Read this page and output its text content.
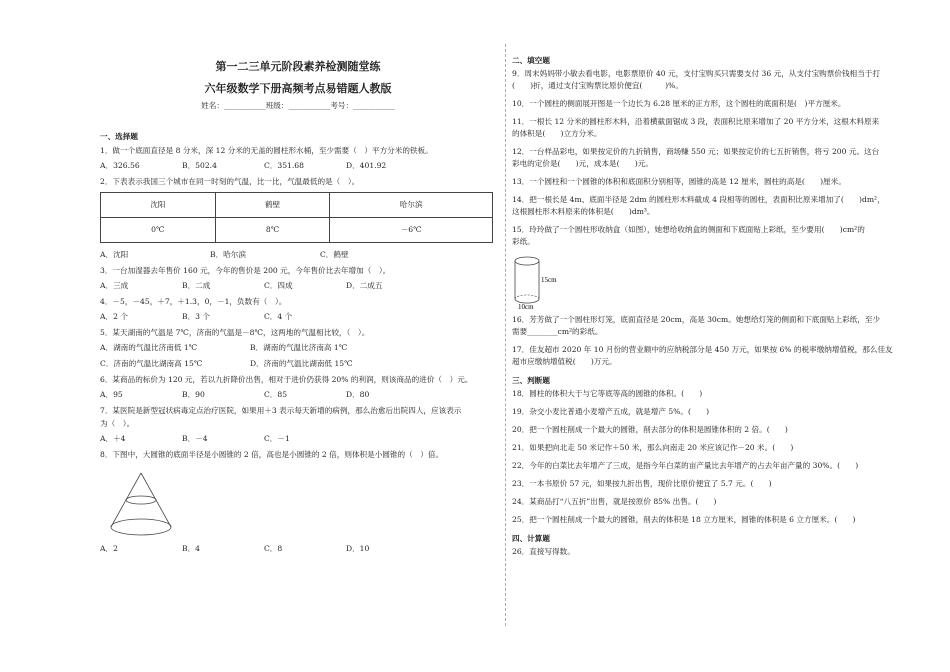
第一二三单元阶段素养检测随堂练
六年级数学下册高频考点易错题人教版
姓名：___________班级：___________考号：___________
一、选择题
1．做一个底面直径是 8 分米，深 12 分米的无盖的圆柱形水桶，至少需要（　）平方分米的铁板。
A．326.56	B．502.4	C．351.68	D．401.92
2．下表表示我国三个城市在同一时刻的气温，比一比，气温最低的是（　）。
沈阳	鹤壁	哈尔滨
0℃	8℃	－6℃
A．沈阳	B．哈尔滨	C．鹤壁
3．一台加湿器去年售价 160 元，今年的售价是 200 元，今年售价比去年增加（　）。
A．三成	B．二成	C．四成	D．二成五
4．－5，－45，＋7，＋1.3，0，－1，负数有（　）。
A．2 个	B．3 个	C．4 个
5．某天湖南的气温是 7℃，济南的气温是－8℃，这两地的气温相比较，（　）。
A．湖南的气温比济南低 1℃	B．湖南的气温比济南高 1℃
C．济南的气温比湖南高 15℃	D．济南的气温比湖南低 15℃
6．某商品的标价为 120 元，若以九折降价出售，相对于进价仍获得 20% 的利润，则该商品的进价（　）元。
A．95	B．90	C．85	D．80
7．某医院是新型冠状病毒定点治疗医院，如果用＋3 表示每天新增的病例，那么治愈后出院四人，应该表示
为（　）。
A．＋4	B．－4	C．－1
8．下图中，大圆锥的底面半径是小圆锥的 2 倍，高也是小圆锥的 2 倍，则体积是小圆锥的（　）倍。
A．2	B．4	C．8	D．10
二、填空题
9．周末妈妈带小敏去看电影，电影票原价 40 元，支付宝购买只需要支付 36 元，从支付宝购票价钱相当于打
(　　)折，通过支付宝购票比原价便宜(　　　)%。
10．一个圆柱的侧面展开图是一个边长为 6.28 厘米的正方形，这个圆柱的底面积是(　)平方厘米。
11．一根长 12 分米的圆柱形木料，沿着横截面锯成 3 段，表面积比原来增加了 20 平方分米，这根木料原来
的体积是(　　)立方分米。
12．一台样品彩电，如果按定价的九折销售，商场赚 550 元；如果按定价的七五折销售，将亏 200 元。这台
彩电的定价是(　　)元，成本是(　　)元。
13．一个圆柱和一个圆锥的体积和底面积分别相等，圆锥的高是 12 厘米，圆柱的高是(　　)厘米。
14．把一根长是 4m、底面半径是 2dm 的圆柱形木料截成 4 段相等的圆柱，表面积比原来增加了(　　)dm²，
这根圆柱形木料原来的体积是(　　)dm³。
15．玲玲做了一个圆柱形收纳盒（如图），她想给收纳盒的侧面和下底面贴上彩纸，至少要用(　　)cm²的
彩纸。
15cm
10cm
16．芳芳做了一个圆柱形灯笼，底面直径是 20cm，高是 30cm。她想给灯笼的侧面和下底面贴上彩纸，至少
需要________cm²的彩纸。
17．佳友超市 2020 年 10 月份的营业额中的应纳税部分是 450 万元，如果按 6% 的税率缴纳增值税，那么佳友
超市应缴纳增值税(　　)万元。
三、判断题
18．圆柱的体积大于与它等底等高的圆锥的体积。(　　)
19．杂交小麦比普通小麦增产五成，就是增产 5%。(　　)
20．把一个圆柱削成一个最大的圆锥，削去部分的体积是圆锥体积的 2 倍。(　　)
21．如果把向北走 50 米记作＋50 米，那么向南走 20 米应该记作－20 米。(　　)
22．今年的白菜比去年增产了三成，是指今年白菜的亩产量比去年增产的占去年亩产量的 30%。(　　)
23．一本书原价 57 元，如果按九折出售，现价比原价便宜了 5.7 元。(　　)
24．某商品打“八五折”出售，就是按原价 85% 出售。(　　)
25．把一个圆柱削成一个最大的圆锥，削去的体积是 18 立方厘米，圆锥的体积是 6 立方厘米。(　　)
四、计算题
26．直接写得数。
